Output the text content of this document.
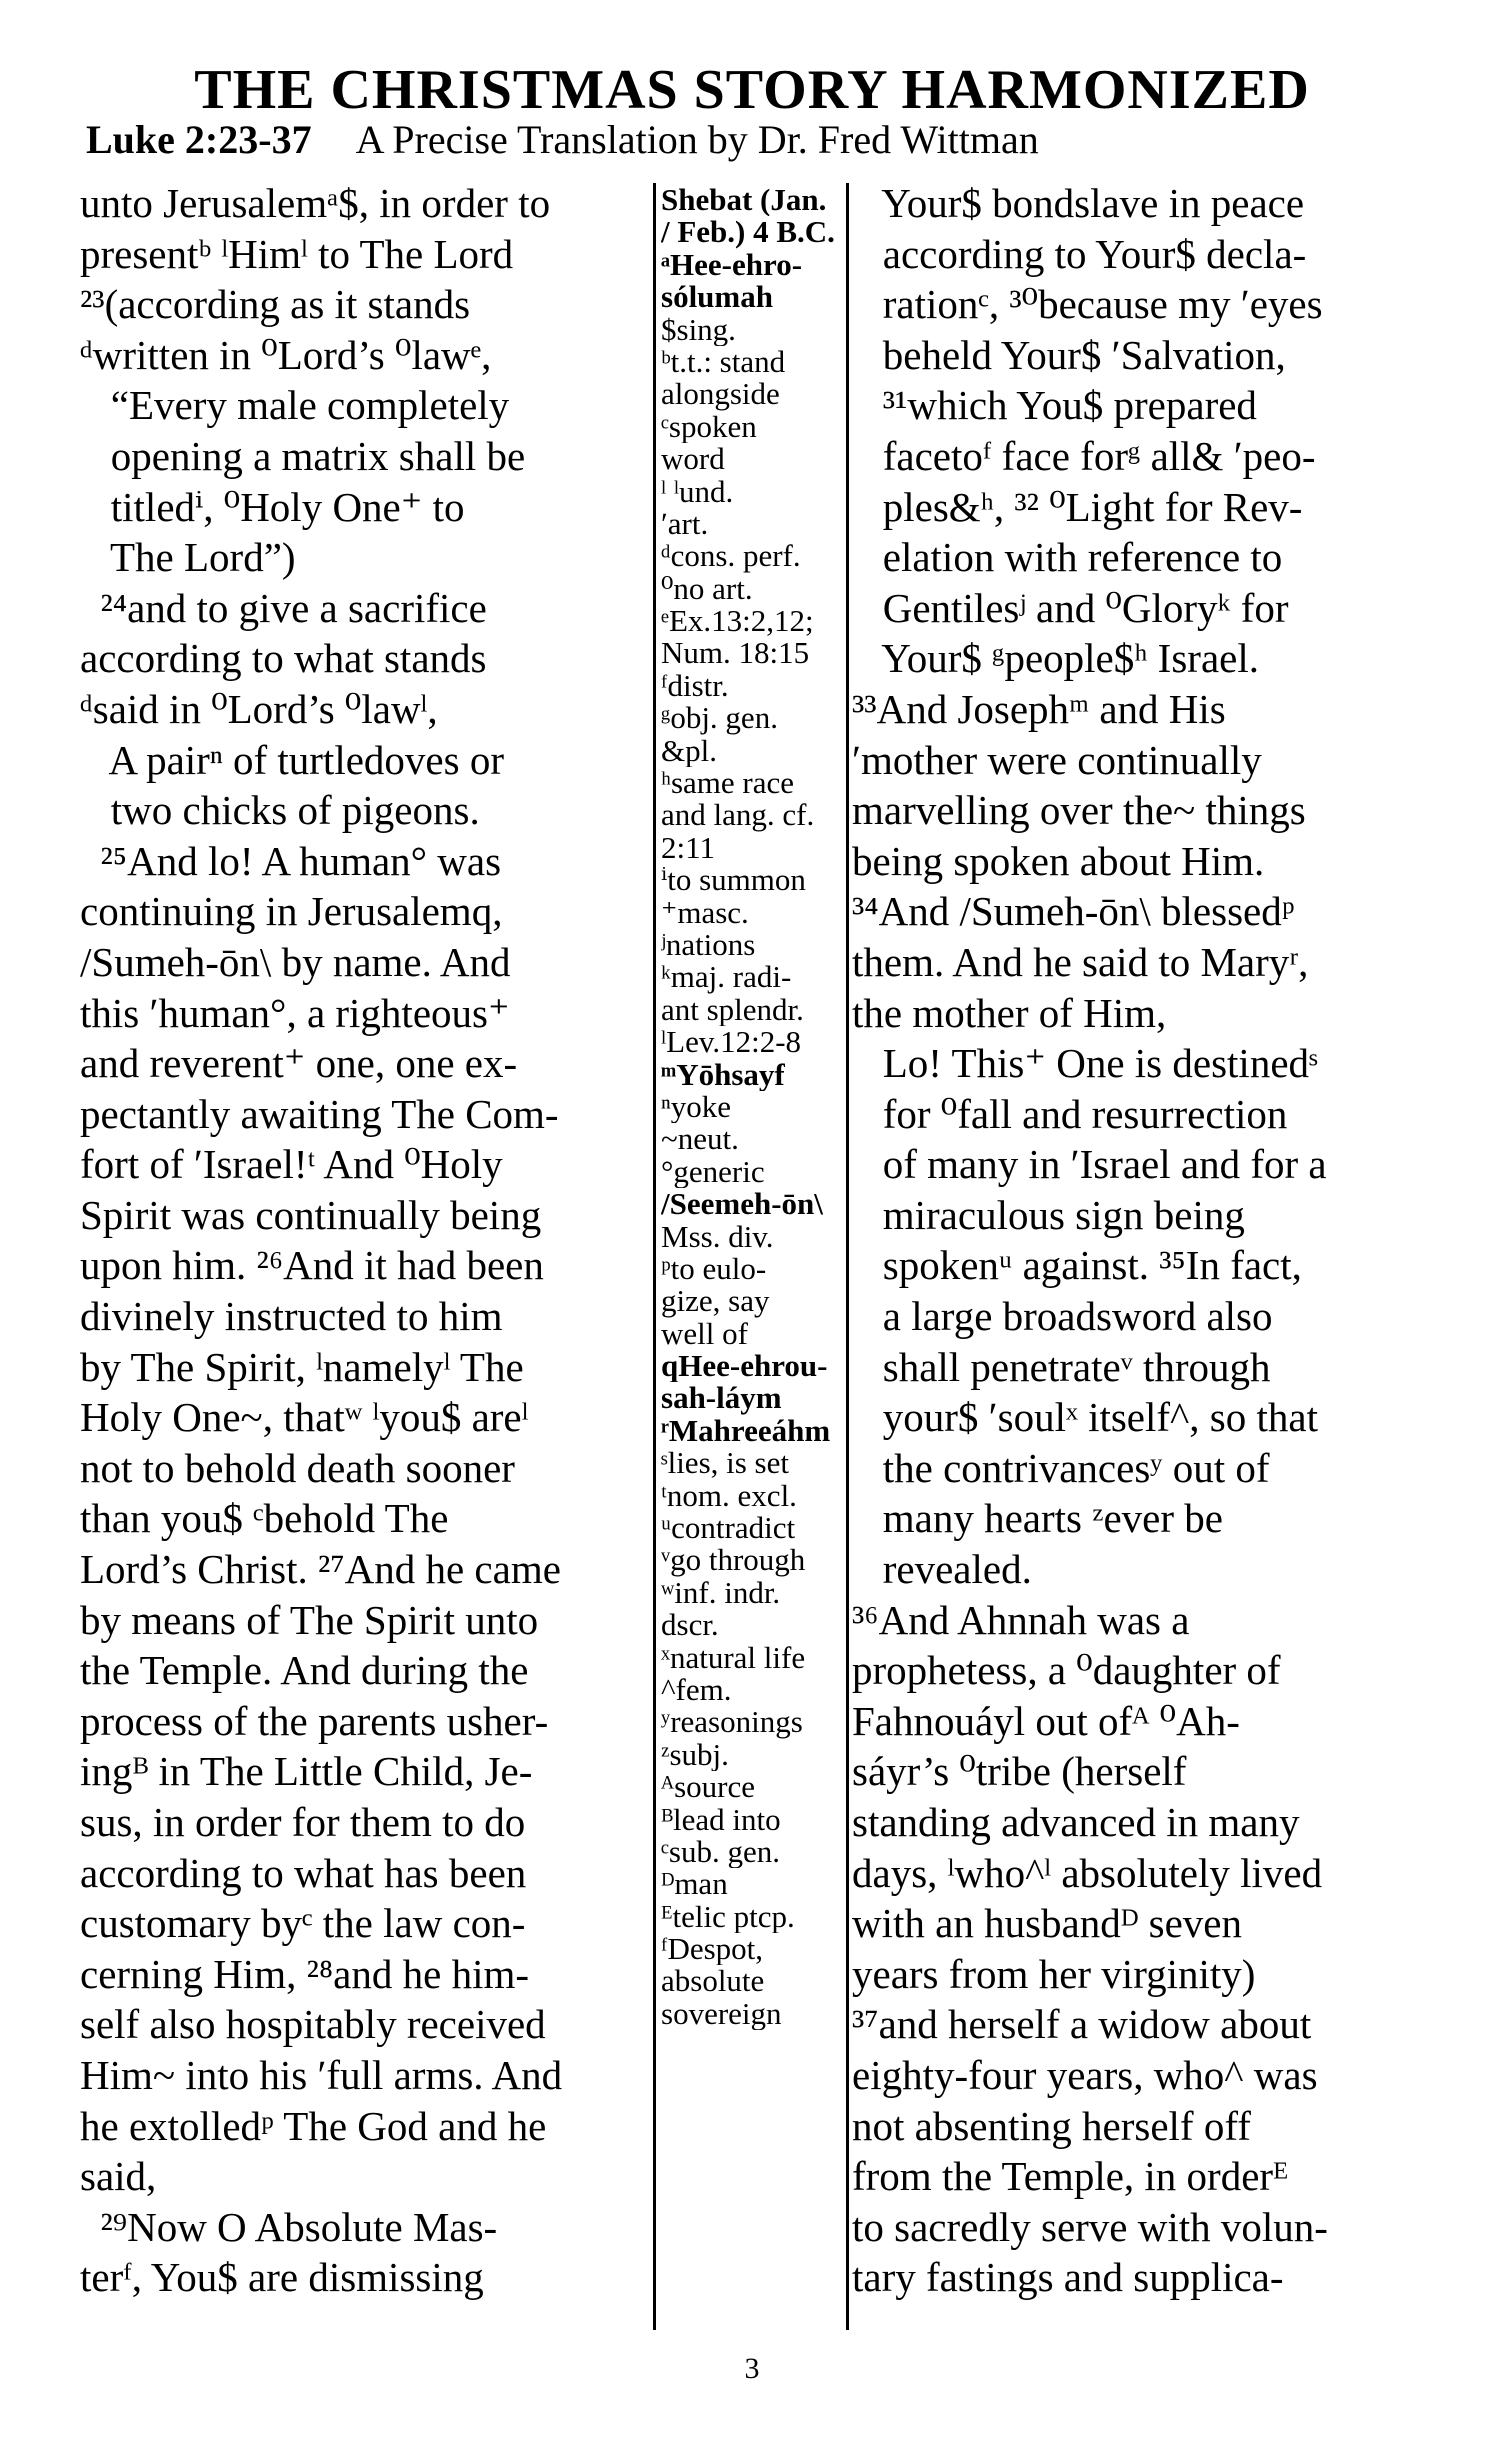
THE CHRISTMAS STORY HARMONIZED
Luke 2:23-37 A Precise Translation by Dr. Fred Wittman
unto Jerusalemᵃ$, in order to
presentᵇ ˡHimˡ to The Lord
²³(according as it stands
ᵈwritten in ⁰Lord’s ⁰lawᵉ,
“Every male completely
opening a matrix shall be
titledⁱ, ⁰Holy One⁺ to
The Lord”)
²⁴and to give a sacrifice
according to what stands
ᵈsaid in ⁰Lord’s ⁰lawˡ,
A pairⁿ of turtledoves or
two chicks of pigeons.
²⁵And lo! A human° was
continuing in Jerusalemq,
/Sumeh-ōn\ by name. And
this ʹhuman°, a righteous⁺
and reverent⁺ one, one ex-
pectantly awaiting The Com-
fort of ʹIsrael!ᵗ And ⁰Holy
Spirit was continually being
upon him. ²⁶And it had been
divinely instructed to him
by The Spirit, ˡnamelyˡ The
Holy One~, thatʷ ˡyou$ areˡ
not to behold death sooner
than you$ ᶜbehold The
Lord’s Christ. ²⁷And he came
by means of The Spirit unto
the Temple. And during the
process of the parents usher-
ingᴮ in The Little Child, Je-
sus, in order for them to do
according to what has been
customary byᶜ the law con-
cerning Him, ²⁸and he him-
self also hospitably received
Him~ into his ʹfull arms. And
he extolledᵖ The God and he
said,
²⁹Now O Absolute Mas-
terᶠ, You$ are dismissing
Shebat (Jan.
/ Feb.) 4 B.C.
ᵃHee-ehro-
sólumah
$sing.
ᵇt.t.: stand
alongside
ᶜspoken
word
ˡ ˡund.
ʹart.
ᵈcons. perf.
⁰no art.
ᵉEx.13:2,12;
Num. 18:15
ᶠdistr.
ᵍobj. gen.
&pl.
ʰsame race
and lang. cf.
2:11
ⁱto summon
⁺masc.
ʲnations
ᵏmaj. radi-
ant splendr.
ˡLev.12:2-8
ᵐYōhsayf
ⁿyoke
~neut.
°generic
/Seemeh-ōn\
Mss. div.
ᵖto eulo-
gize, say
well of
qHee-ehrou-
sah-láym
ʳMahreeáhm
ˢlies, is set
ᵗnom. excl.
ᵘcontradict
ᵛgo through
ʷinf. indr.
dscr.
ˣnatural life
^fem.
ʸreasonings
ᶻsubj.
ᴬsource
ᴮlead into
ᶜsub. gen.
ᴰman
ᴱtelic ptcp.
ᶠDespot,
absolute
sovereign
Your$ bondslave in peace
according to Your$ decla-
rationᶜ, ³⁰because my ʹeyes
beheld Your$ ʹSalvation,
³¹which You$ prepared
facetoᶠ face forᵍ all& ʹpeo-
ples&ʰ, ³² ⁰Light for Rev-
elation with reference to
Gentilesʲ and ⁰Gloryᵏ for
Your$ ᵍpeople$ʰ Israel.
³³And Josephᵐ and His
ʹmother were continually
marvelling over the~ things
being spoken about Him.
³⁴And /Sumeh-ōn\ blessedᵖ
them. And he said to Maryʳ,
the mother of Him,
Lo! This⁺ One is destinedˢ
for ⁰fall and resurrection
of many in ʹIsrael and for a
miraculous sign being
spokenᵘ against. ³⁵In fact,
a large broadsword also
shall penetrateᵛ through
your$ ʹsoulˣ itself^, so that
the contrivancesʸ out of
many hearts ᶻever be
revealed.
³⁶And Ahnnah was a
prophetess, a ⁰daughter of
Fahnouáyl out ofᴬ ⁰Ah-
sáyr’s ⁰tribe (herself
standing advanced in many
days, ˡwho^ˡ absolutely lived
with an husbandᴰ seven
years from her virginity)
³⁷and herself a widow about
eighty-four years, who^ was
not absenting herself off
from the Temple, in orderᴱ
to sacredly serve with volun-
tary fastings and supplica-
3
